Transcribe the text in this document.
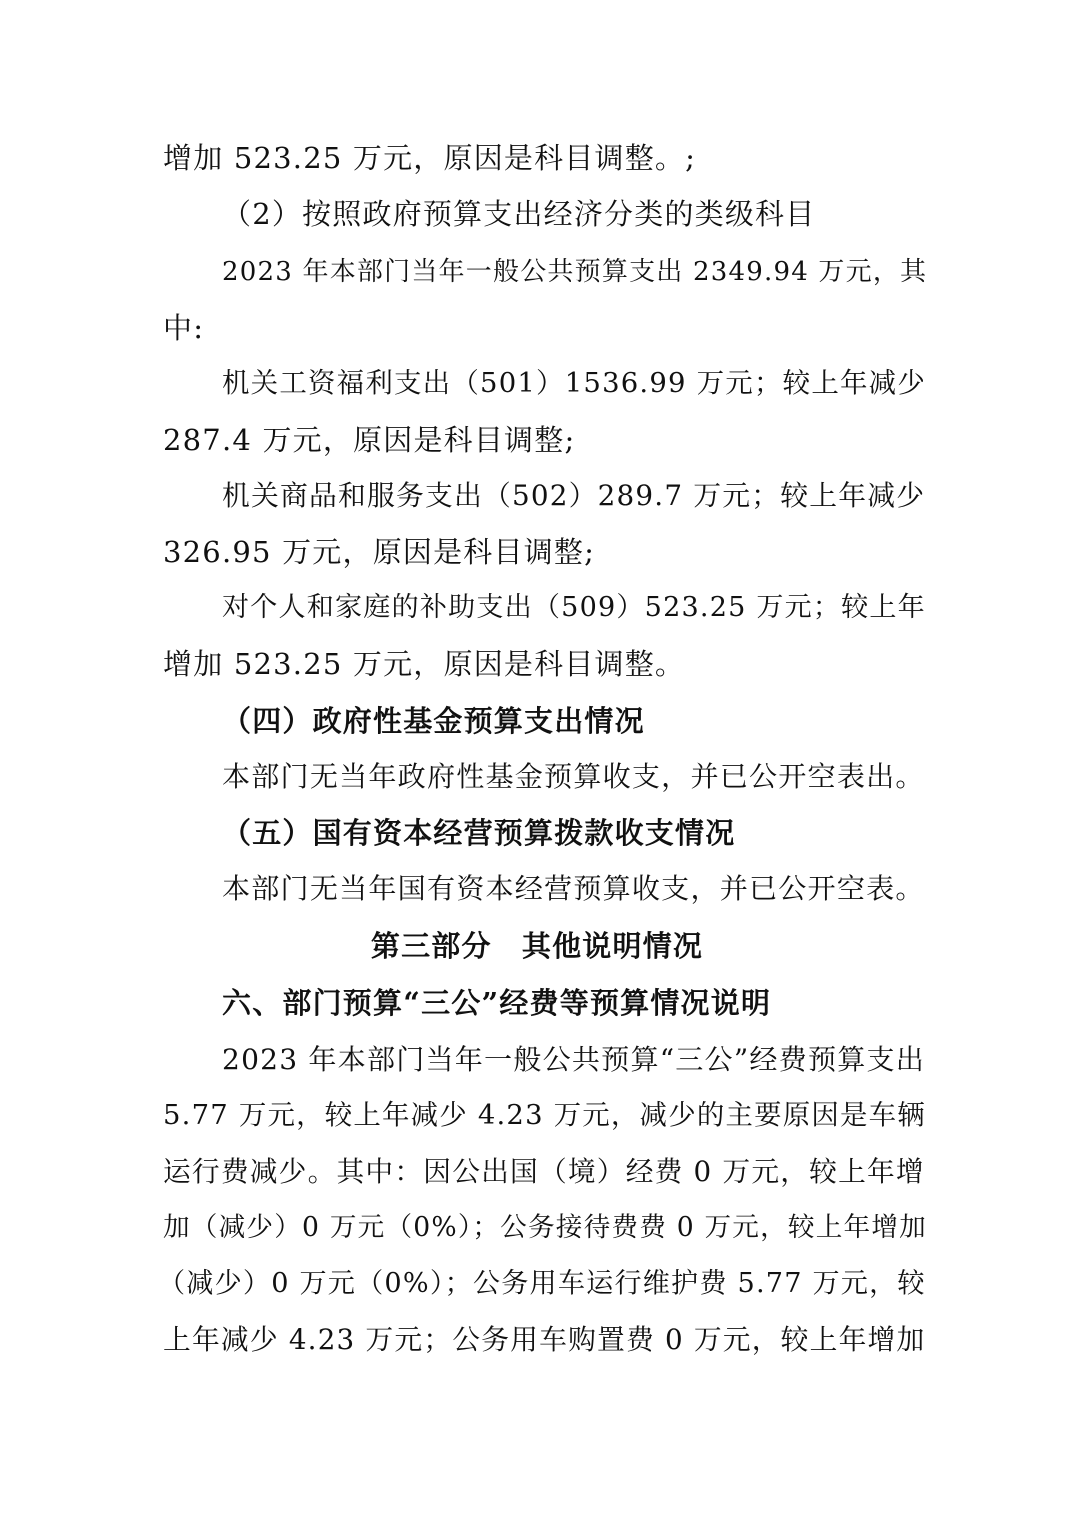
增加 523.25 万元，原因是科目调整。;
（2）按照政府预算支出经济分类的类级科目
2023 年本部门当年一般公共预算支出 2349.94 万元，其
中:
机关工资福利支出（501）1536.99 万元；较上年减少
287.4 万元，原因是科目调整;
机关商品和服务支出（502）289.7 万元；较上年减少
326.95 万元，原因是科目调整;
对个人和家庭的补助支出（509）523.25 万元；较上年
增加 523.25 万元，原因是科目调整。
（四）政府性基金预算支出情况
本部门无当年政府性基金预算收支，并已公开空表出。
（五）国有资本经营预算拨款收支情况
本部门无当年国有资本经营预算收支，并已公开空表。
第三部分　其他说明情况
六、部门预算“三公”经费等预算情况说明
2023 年本部门当年一般公共预算“三公”经费预算支出
5.77 万元，较上年减少 4.23 万元，减少的主要原因是车辆
运行费减少。其中：因公出国（境）经费 0 万元，较上年增
加（减少）0 万元（0%）；公务接待费费 0 万元，较上年增加
（减少）0 万元（0%）；公务用车运行维护费 5.77 万元，较
上年减少 4.23 万元；公务用车购置费 0 万元，较上年增加
